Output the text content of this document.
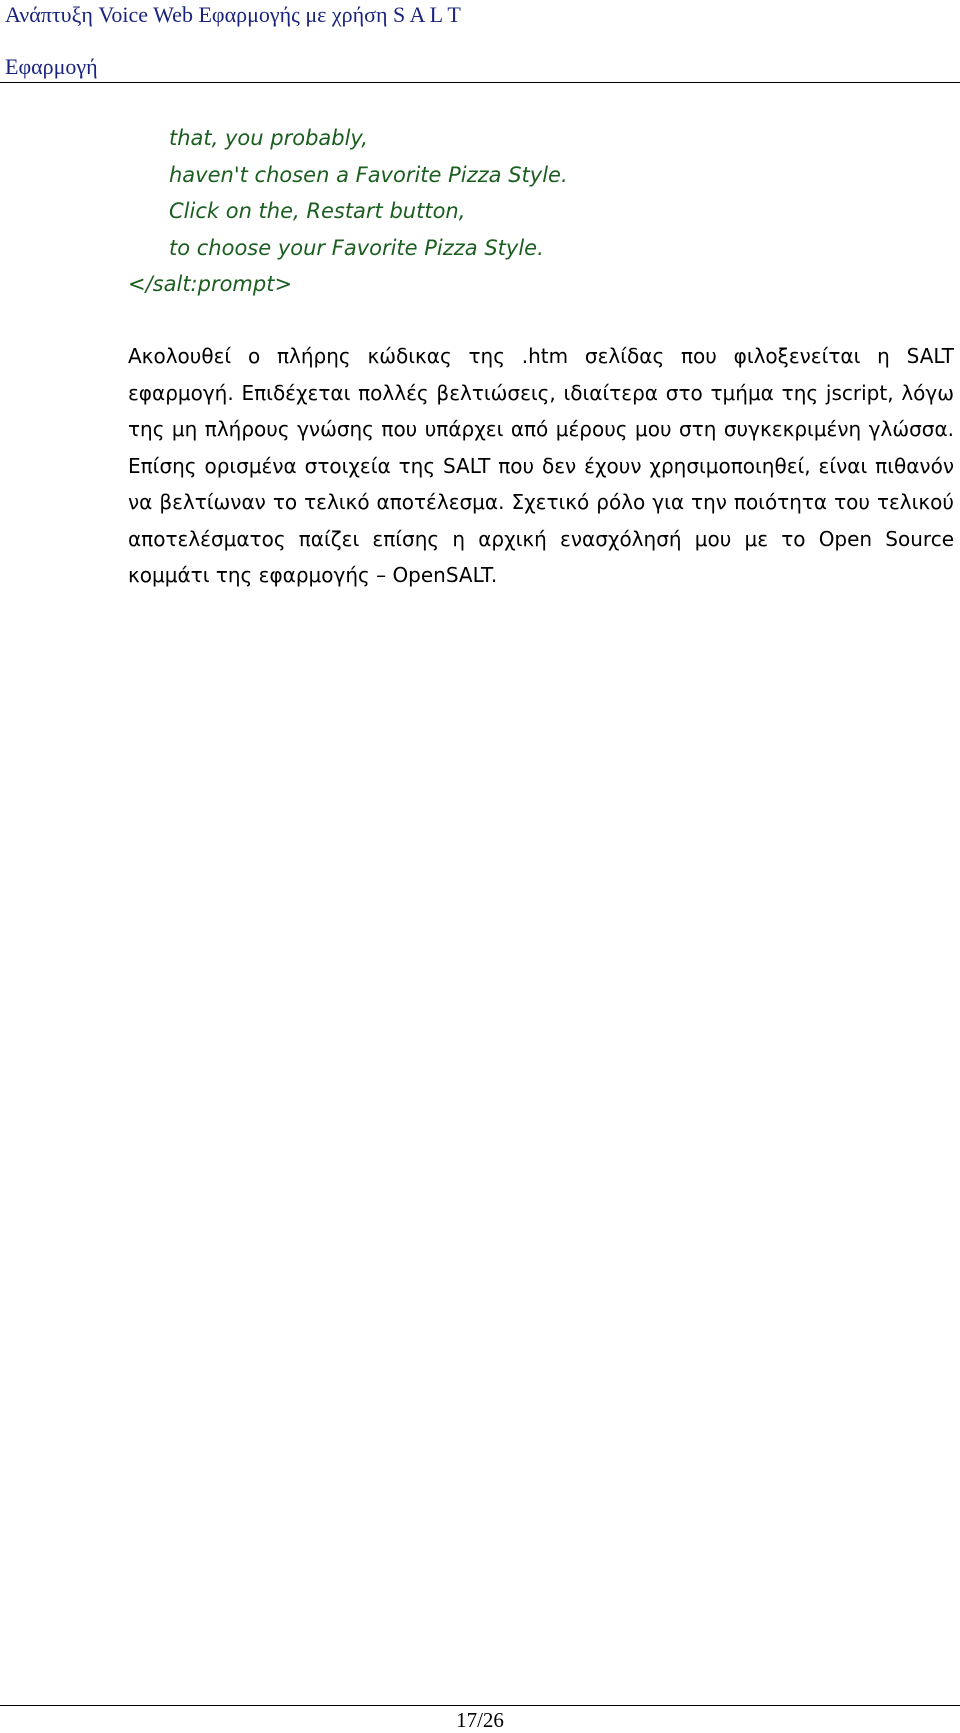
Ανάπτυξη Voice Web Εφαρμογής με χρήση S A L T
Εφαρμογή
that, you probably,
haven't chosen a Favorite Pizza Style.
Click on the, Restart button,
to choose your Favorite Pizza Style.
</salt:prompt>

Ακολουθεί ο πλήρης κώδικας της .htm σελίδας που φιλοξενείται η SALT εφαρμογή. Επιδέχεται πολλές βελτιώσεις, ιδιαίτερα στο τμήμα της jscript, λόγω της μη πλήρους γνώσης που υπάρχει από μέρους μου στη συγκεκριμένη γλώσσα. Επίσης ορισμένα στοιχεία της SALT που δεν έχουν χρησιμοποιηθεί, είναι πιθανόν να βελτίωναν το τελικό αποτέλεσμα. Σχετικό ρόλο για την ποιότητα του τελικού αποτελέσματος παίζει επίσης η αρχική ενασχόλησή μου με το Open Source κομμάτι της εφαρμογής – OpenSALT.

17/26
